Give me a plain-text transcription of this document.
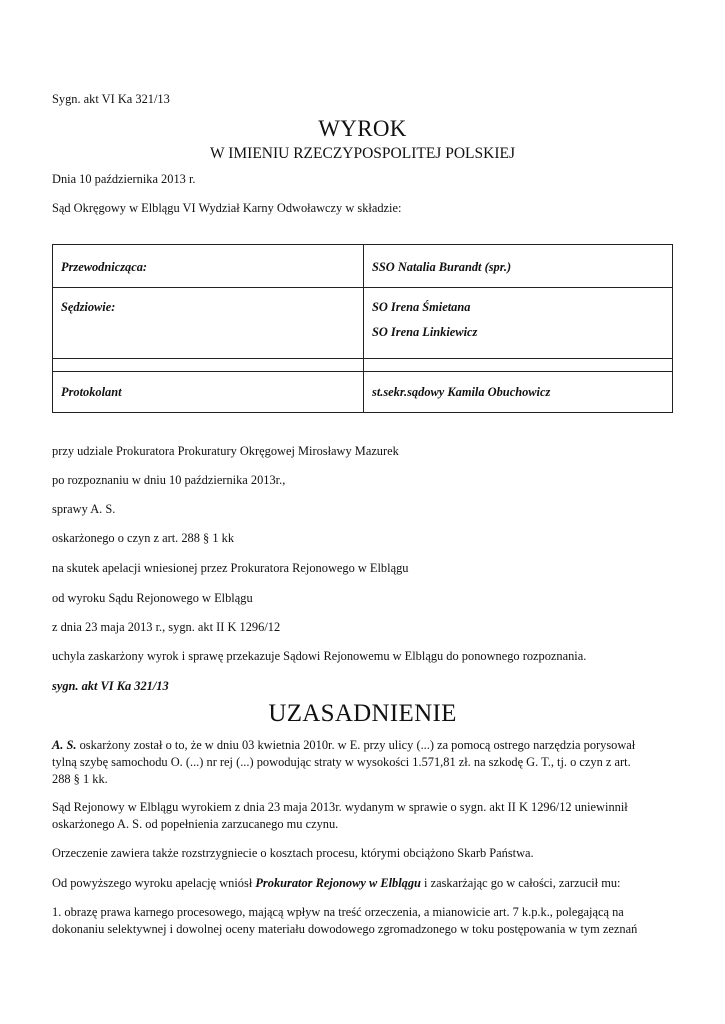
Sygn. akt VI Ka 321/13
WYROK
W IMIENIU RZECZYPOSPOLITEJ POLSKIEJ
Dnia 10 października 2013 r.
Sąd Okręgowy w Elblągu VI Wydział Karny Odwoławczy w składzie:
Przewodnicząca:	SSO Natalia Burandt (spr.)

Sędziowie:	SO Irena Śmietana
SO Irena Linkiewicz

Protokolant	st.sekr.sądowy Kamila Obuchowicz
przy udziale Prokuratora Prokuratury Okręgowej Mirosławy Mazurek
po rozpoznaniu w dniu 10 października 2013r.,
sprawy A. S.
oskarżonego o czyn z art. 288 § 1 kk
na skutek apelacji wniesionej przez Prokuratora Rejonowego w Elblągu
od wyroku Sądu Rejonowego w Elblągu
z dnia 23 maja 2013 r., sygn. akt II K 1296/12
uchyla zaskarżony wyrok i sprawę przekazuje Sądowi Rejonowemu w Elblągu do ponownego rozpoznania.
sygn. akt VI Ka 321/13
UZASADNIENIE
A. S. oskarżony został o to, że w dniu 03 kwietnia 2010r. w E. przy ulicy (...) za pomocą ostrego narzędzia porysował
tylną szybę samochodu O. (...) nr rej (...) powodując straty w wysokości 1.571,81 zł. na szkodę G. T., tj. o czyn z art.
288 § 1 kk.
Sąd Rejonowy w Elblągu wyrokiem z dnia 23 maja 2013r. wydanym w sprawie o sygn. akt II K 1296/12 uniewinnił
oskarżonego A. S. od popełnienia zarzucanego mu czynu.
Orzeczenie zawiera także rozstrzygniecie o kosztach procesu, którymi obciążono Skarb Państwa.
Od powyższego wyroku apelację wniósł Prokurator Rejonowy w Elblągu i zaskarżając go w całości, zarzucił mu:
1. obrazę prawa karnego procesowego, mającą wpływ na treść orzeczenia, a mianowicie art. 7 k.p.k., polegającą na
dokonaniu selektywnej i dowolnej oceny materiału dowodowego zgromadzonego w toku postępowania w tym zeznań
